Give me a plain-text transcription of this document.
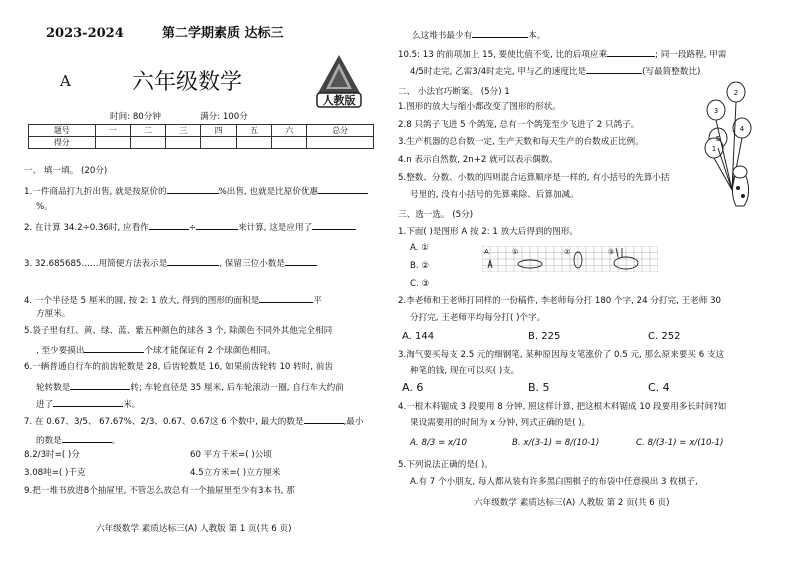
2023-2024	第二学期素质 达标三
A	六年级数学
人教版
时间: 80分钟	满分: 100分
题号	一	二	三	四	五	六	总分
得分							
一、 填一填。 (20分)
1.一件商品打九折出售, 就是按原价的	%出售, 也就是比原价优惠
%。
2. 在计算 34.2÷0.36时, 应看作	÷	来计算, 这是应用了
3. 32.685685……用简便方法表示是	, 保留三位小数是
4. 一个半径是 5 厘米的圆, 按 2: 1 放大, 得到的图形的面积是	平
方厘米。
5.袋子里有红、黄、绿、蓝、紫五种颜色的球各 3 个, 除颜色不同外其他完全相同
, 至少要摸出	个球才能保证有 2 个球颜色相同。
6.一辆普通自行车的前齿轮数是 28, 后齿轮数是 16, 如果前齿轮转 10 转时, 前齿
轮转数是	转; 车轮直径是 35 厘米, 后车轮滚动一圈, 自行车大约前
进了	米。
7. 在 0.67、3/5、 67.67%、2/3、0.67、0.67这 6 个数中, 最大的数是	,最小
的数是	。
8.2/3时=( )分	60 平方千米=( )公顷
3.08吨=( )千克	4.5立方米=( )立方厘米
9.把一堆书放进8个抽屉里, 不管怎么放总有一个抽屉里至少有3本书, 那
六年级数学 素质达标三(A) 人教版 第 1 页(共 6 页)
么这堆书最少有	本。
10.5: 13 的前项加上 15, 要使比值不变, 比的后项应乘	; 同一段路程, 甲需
4/5时走完, 乙需3/4时走完, 甲与乙的速度比是	(写最简整数比)
二、 小法官巧断案。 (5分) 1
1.图形的放大与缩小都改变了图形的形状。
2.8 只鸽子飞进 5 个鸽笼, 总有一个鸽笼至少飞进了 2 只鸽子。
3.生产机器的总台数一定, 生产天数和每天生产的台数成正比例。
4.n 表示自然数, 2n+2 就可以表示偶数。
5.整数、分数、小数的四则混合运算顺序是一样的, 有小括号的先算小括
号里的, 没有小括号的先算乘除、后算加减。
2
3
4
5
1
三、选一选。 (5分)
1.下面( )是图形 A 按 2: 1 放大后得到的图形。
A. ①
B. ②
C. ③
A	①	②	③
2.李老师和王老师打同样的一份稿件, 李老师每分打 180 个字, 24 分打完, 王老师 30
分打完, 王老师平均每分打( )个字。
A. 144	B. 225	C. 252
3.淘气要买每支 2.5 元的细钢笔, 某种原因每支笔涨价了 0.5 元, 那么原来要买 6 支这
种笔的钱, 现在可以买( )支。
A. 6	B. 5	C. 4
4.一根木料锯成 3 段要用 8 分钟, 照这样计算, 把这根木料锯成 10 段要用多长时间?如
果设需要用的时间为 x 分钟, 列式正确的是( )。
A. 8/3 = x/10	B. x/(3-1) = 8/(10-1)	C. 8/(3-1) = x/(10-1)
5.下列说法正确的是( )。
A.有 7 个小朋友, 每人都从装有许多黑白围棋子的布袋中任意摸出 3 枚棋子,
六年级数学 素质达标三(A) 人教版 第 2 页(共 6 页)
